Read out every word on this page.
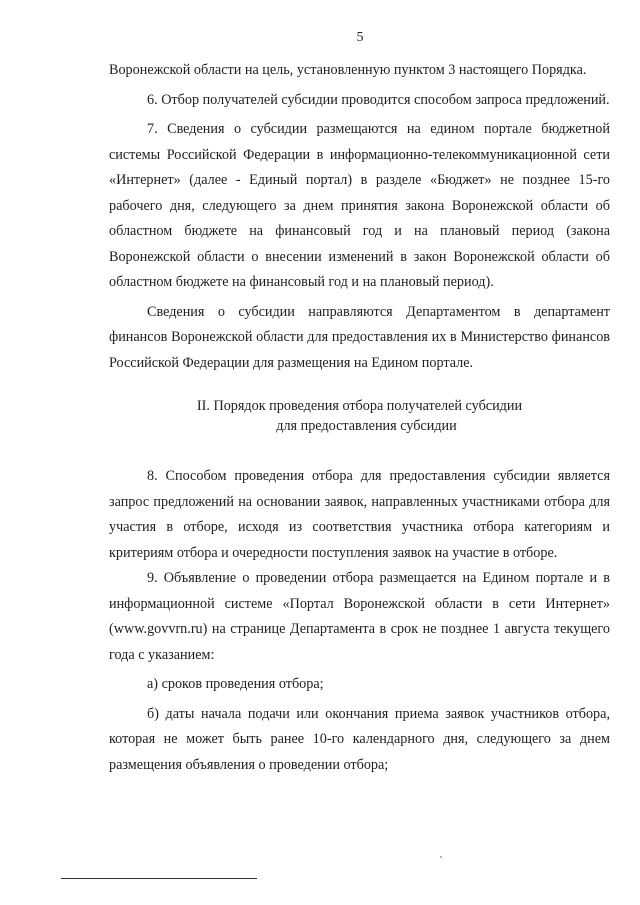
5

Воронежской области на цель, установленную пунктом 3 настоящего Порядка.

6. Отбор получателей субсидии проводится способом запроса предложений.

7. Сведения о субсидии размещаются на едином портале бюджетной системы Российской Федерации в информационно-телекоммуникационной сети «Интернет» (далее - Единый портал) в разделе «Бюджет» не позднее 15-го рабочего дня, следующего за днем принятия закона Воронежской области об областном бюджете на финансовый год и на плановый период (закона Воронежской области о внесении изменений в закон Воронежской области об областном бюджете на финансовый год и на плановый период).

Сведения о субсидии направляются Департаментом в департамент финансов Воронежской области для предоставления их в Министерство финансов Российской Федерации для размещения на Едином портале.

II. Порядок проведения отбора получателей субсидии
для предоставления субсидии

8. Способом проведения отбора для предоставления субсидии является запрос предложений на основании заявок, направленных участниками отбора для участия в отборе, исходя из соответствия участника отбора категориям и критериям отбора и очередности поступления заявок на участие в отборе.

9. Объявление о проведении отбора размещается на Едином портале и в информационной системе «Портал Воронежской области в сети Интернет» (www.govvrn.ru) на странице Департамента в срок не позднее 1 августа текущего года с указанием:

а) сроков проведения отбора;

б) даты начала подачи или окончания приема заявок участников отбора, которая не может быть ранее 10-го календарного дня, следующего за днем размещения объявления о проведении отбора;
